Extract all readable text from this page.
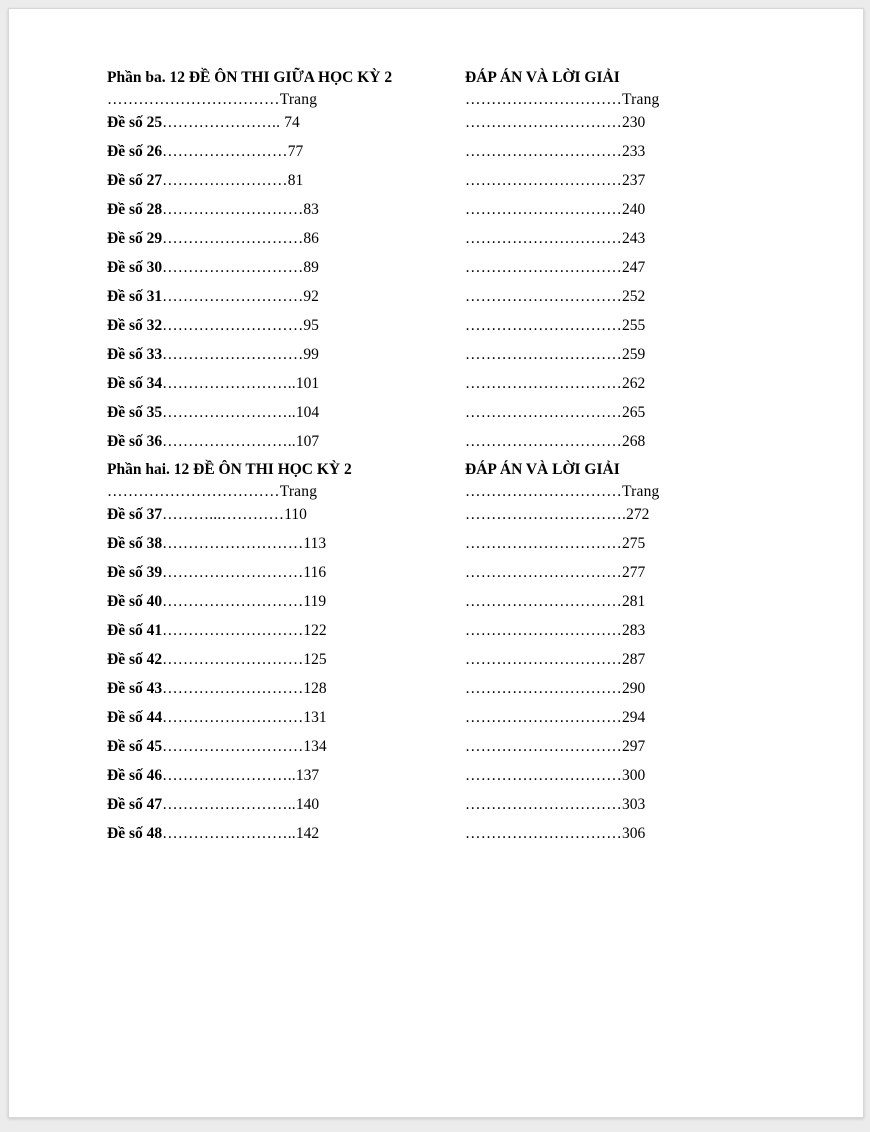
Phần ba. 12 ĐỀ ÔN THI GIỮA HỌC KỲ 2	ĐÁP ÁN VÀ LỜI GIẢI
……………………………Trang	…………………………Trang
Đề số 25………………….. 74	…………………………230
Đề số 26……………………77	…………………………233
Đề số 27……………………81	…………………………237
Đề số 28………………………83	…………………………240
Đề số 29………………………86	…………………………243
Đề số 30………………………89	…………………………247
Đề số 31………………………92	…………………………252
Đề số 32………………………95	…………………………255
Đề số 33………………………99	…………………………259
Đề số 34……………………..101	…………………………262
Đề số 35……………………..104	…………………………265
Đề số 36……………………..107	…………………………268
Phần hai. 12 ĐỀ ÔN THI HỌC KỲ 2	ĐÁP ÁN VÀ LỜI GIẢI
……………………………Trang	…………………………Trang
Đề số 37………...…………110	………………………….272
Đề số 38………………………113	…………………………275
Đề số 39………………………116	…………………………277
Đề số 40………………………119	…………………………281
Đề số 41………………………122	…………………………283
Đề số 42………………………125	…………………………287
Đề số 43………………………128	…………………………290
Đề số 44………………………131	…………………………294
Đề số 45………………………134	…………………………297
Đề số 46……………………..137	…………………………300
Đề số 47……………………..140	…………………………303
Đề số 48……………………..142	…………………………306
